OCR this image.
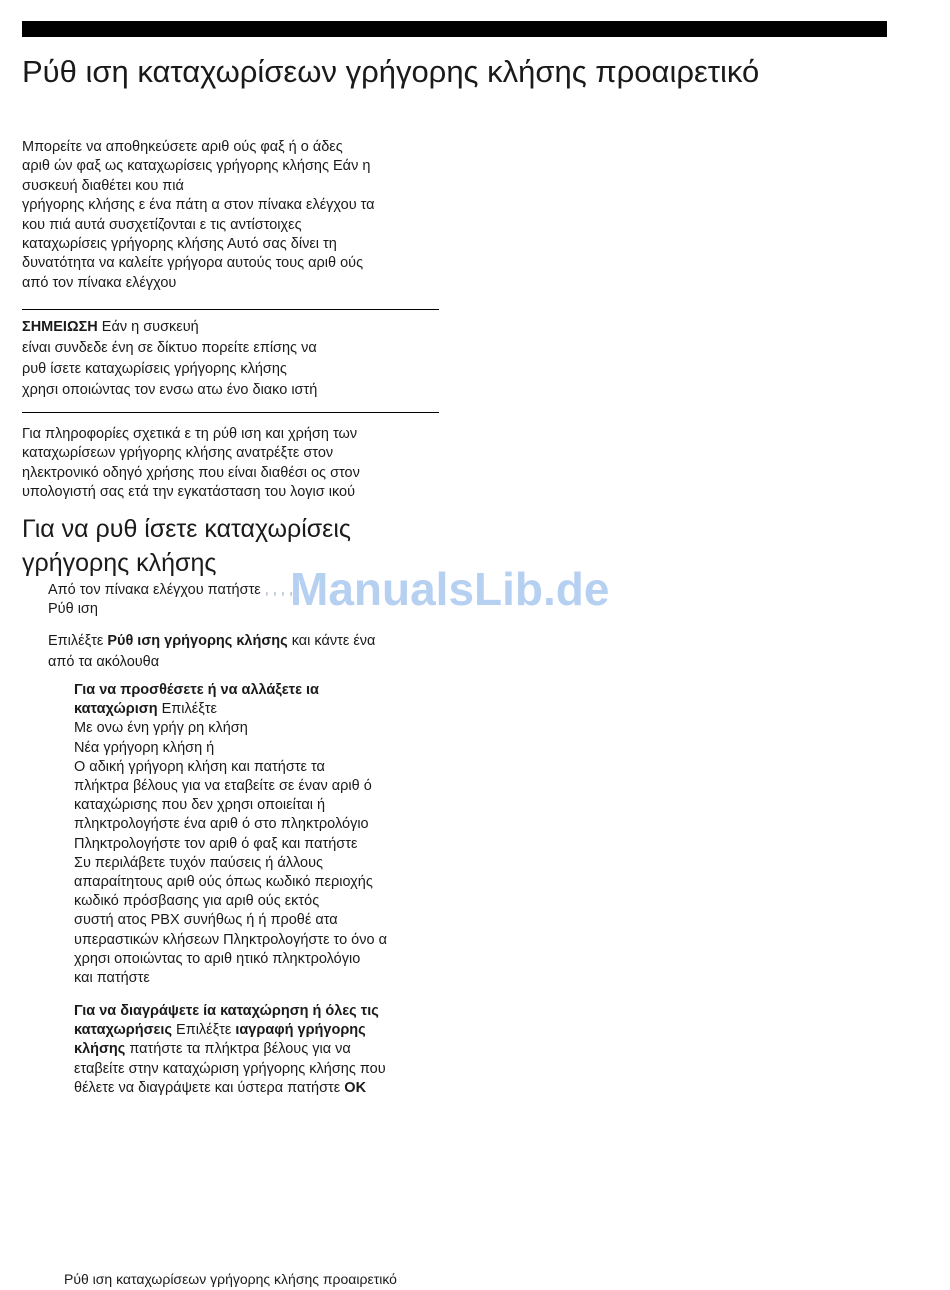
Ρύθ ιση καταχωρίσεων γρήγορης κλήσης προαιρετικό
Μπορείτε να αποθηκεύσετε αριθ ούς φαξ ή ο άδες
αριθ ών φαξ ως καταχωρίσεις γρήγορης κλήσης Εάν η
συσκευή διαθέτει κου πιά
γρήγορης κλήσης ε ένα πάτη α στον πίνακα ελέγχου τα
κου πιά αυτά συσχετίζονται ε τις αντίστοιχες
καταχωρίσεις γρήγορης κλήσης Αυτό σας δίνει τη
δυνατότητα να καλείτε γρήγορα αυτούς τους αριθ ούς
από τον πίνακα ελέγχου
ΣΗΜΕΙΩΣΗ Εάν η συσκευή
είναι συνδεδε ένη σε δίκτυο πορείτε επίσης να
ρυθ ίσετε καταχωρίσεις γρήγορης κλήσης
χρησι οποιώντας τον ενσω ατω ένο διακο ιστή
Για πληροφορίες σχετικά ε τη ρύθ ιση και χρήση των
καταχωρίσεων γρήγορης κλήσης ανατρέξτε στον
ηλεκτρονικό οδηγό χρήσης που είναι διαθέσι ος στον
υπολογιστή σας ετά την εγκατάσταση του λογισ ικού
Για να ρυθ ίσετε καταχωρίσεις
γρήγορης κλήσης	ManualsLib.de
Από τον πίνακα ελέγχου πατήστε , , , ,
Ρύθ ιση
Επιλέξτε Ρύθ ιση γρήγορης κλήσης και κάντε ένα
από τα ακόλουθα
Για να προσθέσετε ή να αλλάξετε ια
καταχώριση Επιλέξτε
Με ονω ένη γρήγ ρη κλήση
Νέα γρήγορη κλήση ή
Ο αδική γρήγορη κλήση και πατήστε τα
πλήκτρα βέλους για να εταβείτε σε έναν αριθ ό
καταχώρισης που δεν χρησι οποιείται ή
πληκτρολογήστε ένα αριθ ό στο πληκτρολόγιο
Πληκτρολογήστε τον αριθ ό φαξ και πατήστε
Συ περιλάβετε τυχόν παύσεις ή άλλους
απαραίτητους αριθ ούς όπως κωδικό περιοχής
κωδικό πρόσβασης για αριθ ούς εκτός
συστή ατος PBX συνήθως ή ή προθέ ατα
υπεραστικών κλήσεων Πληκτρολογήστε το όνο α
χρησι οποιώντας το αριθ ητικό πληκτρολόγιο
και πατήστε
Για να διαγράψετε ία καταχώρηση ή όλες τις
καταχωρήσεις Επιλέξτε ιαγραφή γρήγορης
κλήσης πατήστε τα πλήκτρα βέλους για να
εταβείτε στην καταχώριση γρήγορης κλήσης που
θέλετε να διαγράψετε και ύστερα πατήστε OK
Ρύθ ιση καταχωρίσεων γρήγορης κλήσης προαιρετικό
